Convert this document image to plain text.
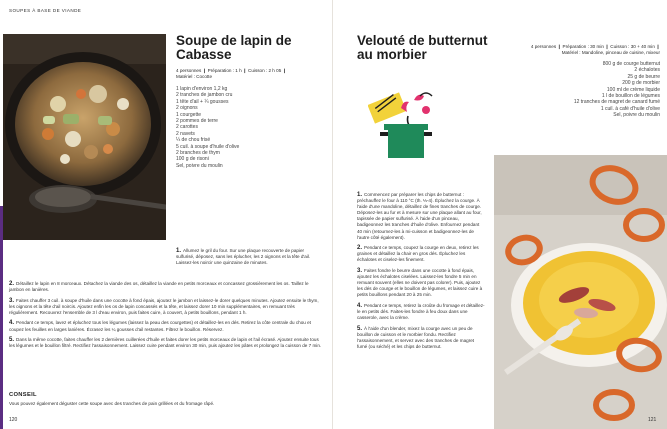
SOUPES À BASE DE VIANDE
Soupe de lapin de Cabasse
4 personnes ❙ Préparation : 1 h ❙ Cuisson : 2 h 05 ❙
Matériel : Cocotte
1 lapin d'environ 1,2 kg
2 tranches de jambon cru
1 tête d'ail + ¼ gousses
2 oignons
1 courgette
2 pommes de terre
2 carottes
2 navets
¼ de chou frisé
5 cuil. à soupe d'huile d'olive
2 branches de thym
100 g de risoni
Sel, poivre du moulin

1. Allumez le gril du four. Sur une plaque recouverte de papier sulfurisé, déposez, sans les éplucher, les 2 oignons et la tête d'ail. Laissez-les noircir une quinzaine de minutes.

2. Détaillez le lapin en 8 morceaux. Détachez la viande des os, détaillez la viande en petits morceaux et concassez grossièrement les os. Taillez le jambon en lanières.

3. Faites chauffer 3 cuil. à soupe d'huile dans une cocotte à fond épais, ajoutez le jambon et laissez-le dorer quelques minutes. Ajoutez ensuite le thym, les oignons et la tête d'ail noircis. Ajoutez enfin les os de lapin concassés et la tête, et laissez dorer 10 min supplémentaires, en remuant très régulièrement. Recouvrez l'ensemble de 3 l d'eau environ, puis faites cuire, à couvert, à petits bouillons, pendant 1 h.

4. Pendant ce temps, lavez et épluchez tous les légumes (laissez la peau des courgettes) et détaillez-les en dés. Retirez la côte centrale du chou et coupez les feuilles en larges lanières. Écrasez les ¼ gousses d'ail restantes. Filtrez le bouillon. Réservez.

5. Dans la même cocotte, faites chauffer les 2 dernières cuillerées d'huile et faites dorer les petits morceaux de lapin et l'ail écrasé. Ajoutez ensuite tous les légumes et le bouillon filtré. Rectifiez l'assaisonnement. Laissez cuire pendant environ 30 min, puis ajoutez les pâtes et prolongez la cuisson de 7 min.

CONSEIL
Vous pouvez également déguster cette soupe avec des tranches de pain grillées et du fromage râpé.
120
Velouté de butternut au morbier
4 personnes ❙ Préparation : 30 min ❙ Cuisson : 30 + 40 min ❙
Matériel : Mandoline, pinceau de cuisine, mixeur
800 g de courge butternut
2 échalotes
25 g de beurre
200 g de morbier
100 ml de crème liquide
1 l de bouillon de légumes
12 tranches de magret de canard fumé
1 cuil. à café d'huile d'olive
Sel, poivre du moulin

1. Commencez par préparer les chips de butternut : préchauffez le four à 110 °C (th. ⅓-4). Épluchez la courge. À l'aide d'une mandoline, détaillez de fines tranches de courge. Déposez-les au fur et à mesure sur une plaque allant au four, tapissée de papier sulfurisé. À l'aide d'un pinceau, badigeonnez les tranches d'huile d'olive. Enfournez pendant 40 min (retournez-les à mi-cuisson et badigeonnez-les de l'autre côté également).

2. Pendant ce temps, coupez la courge en deux, retirez les graines et détaillez la chair en gros dés. Épluchez les échalotes et ciselez-les finement.

3. Faites fondre le beurre dans une cocotte à fond épais, ajoutez les échalotes ciselées. Laissez-les fondre 5 min en remuant souvent (elles ne doivent pas colorer). Puis, ajoutez les dés de courge et le bouillon de légumes, et laissez cuire à petits bouillons pendant 20 à 25 min.

4. Pendant ce temps, retirez la croûte du fromage et détaillez-le en petits dés. Faites-les fondre à feu doux dans une casserole, avec la crème.

5. À l'aide d'un blender, mixez la courge avec un peu de bouillon de cuisson et le morbier fondu. Rectifiez l'assaisonnement, et servez avec des tranches de magret fumé (ou séché) et les chips de butternut.

121
